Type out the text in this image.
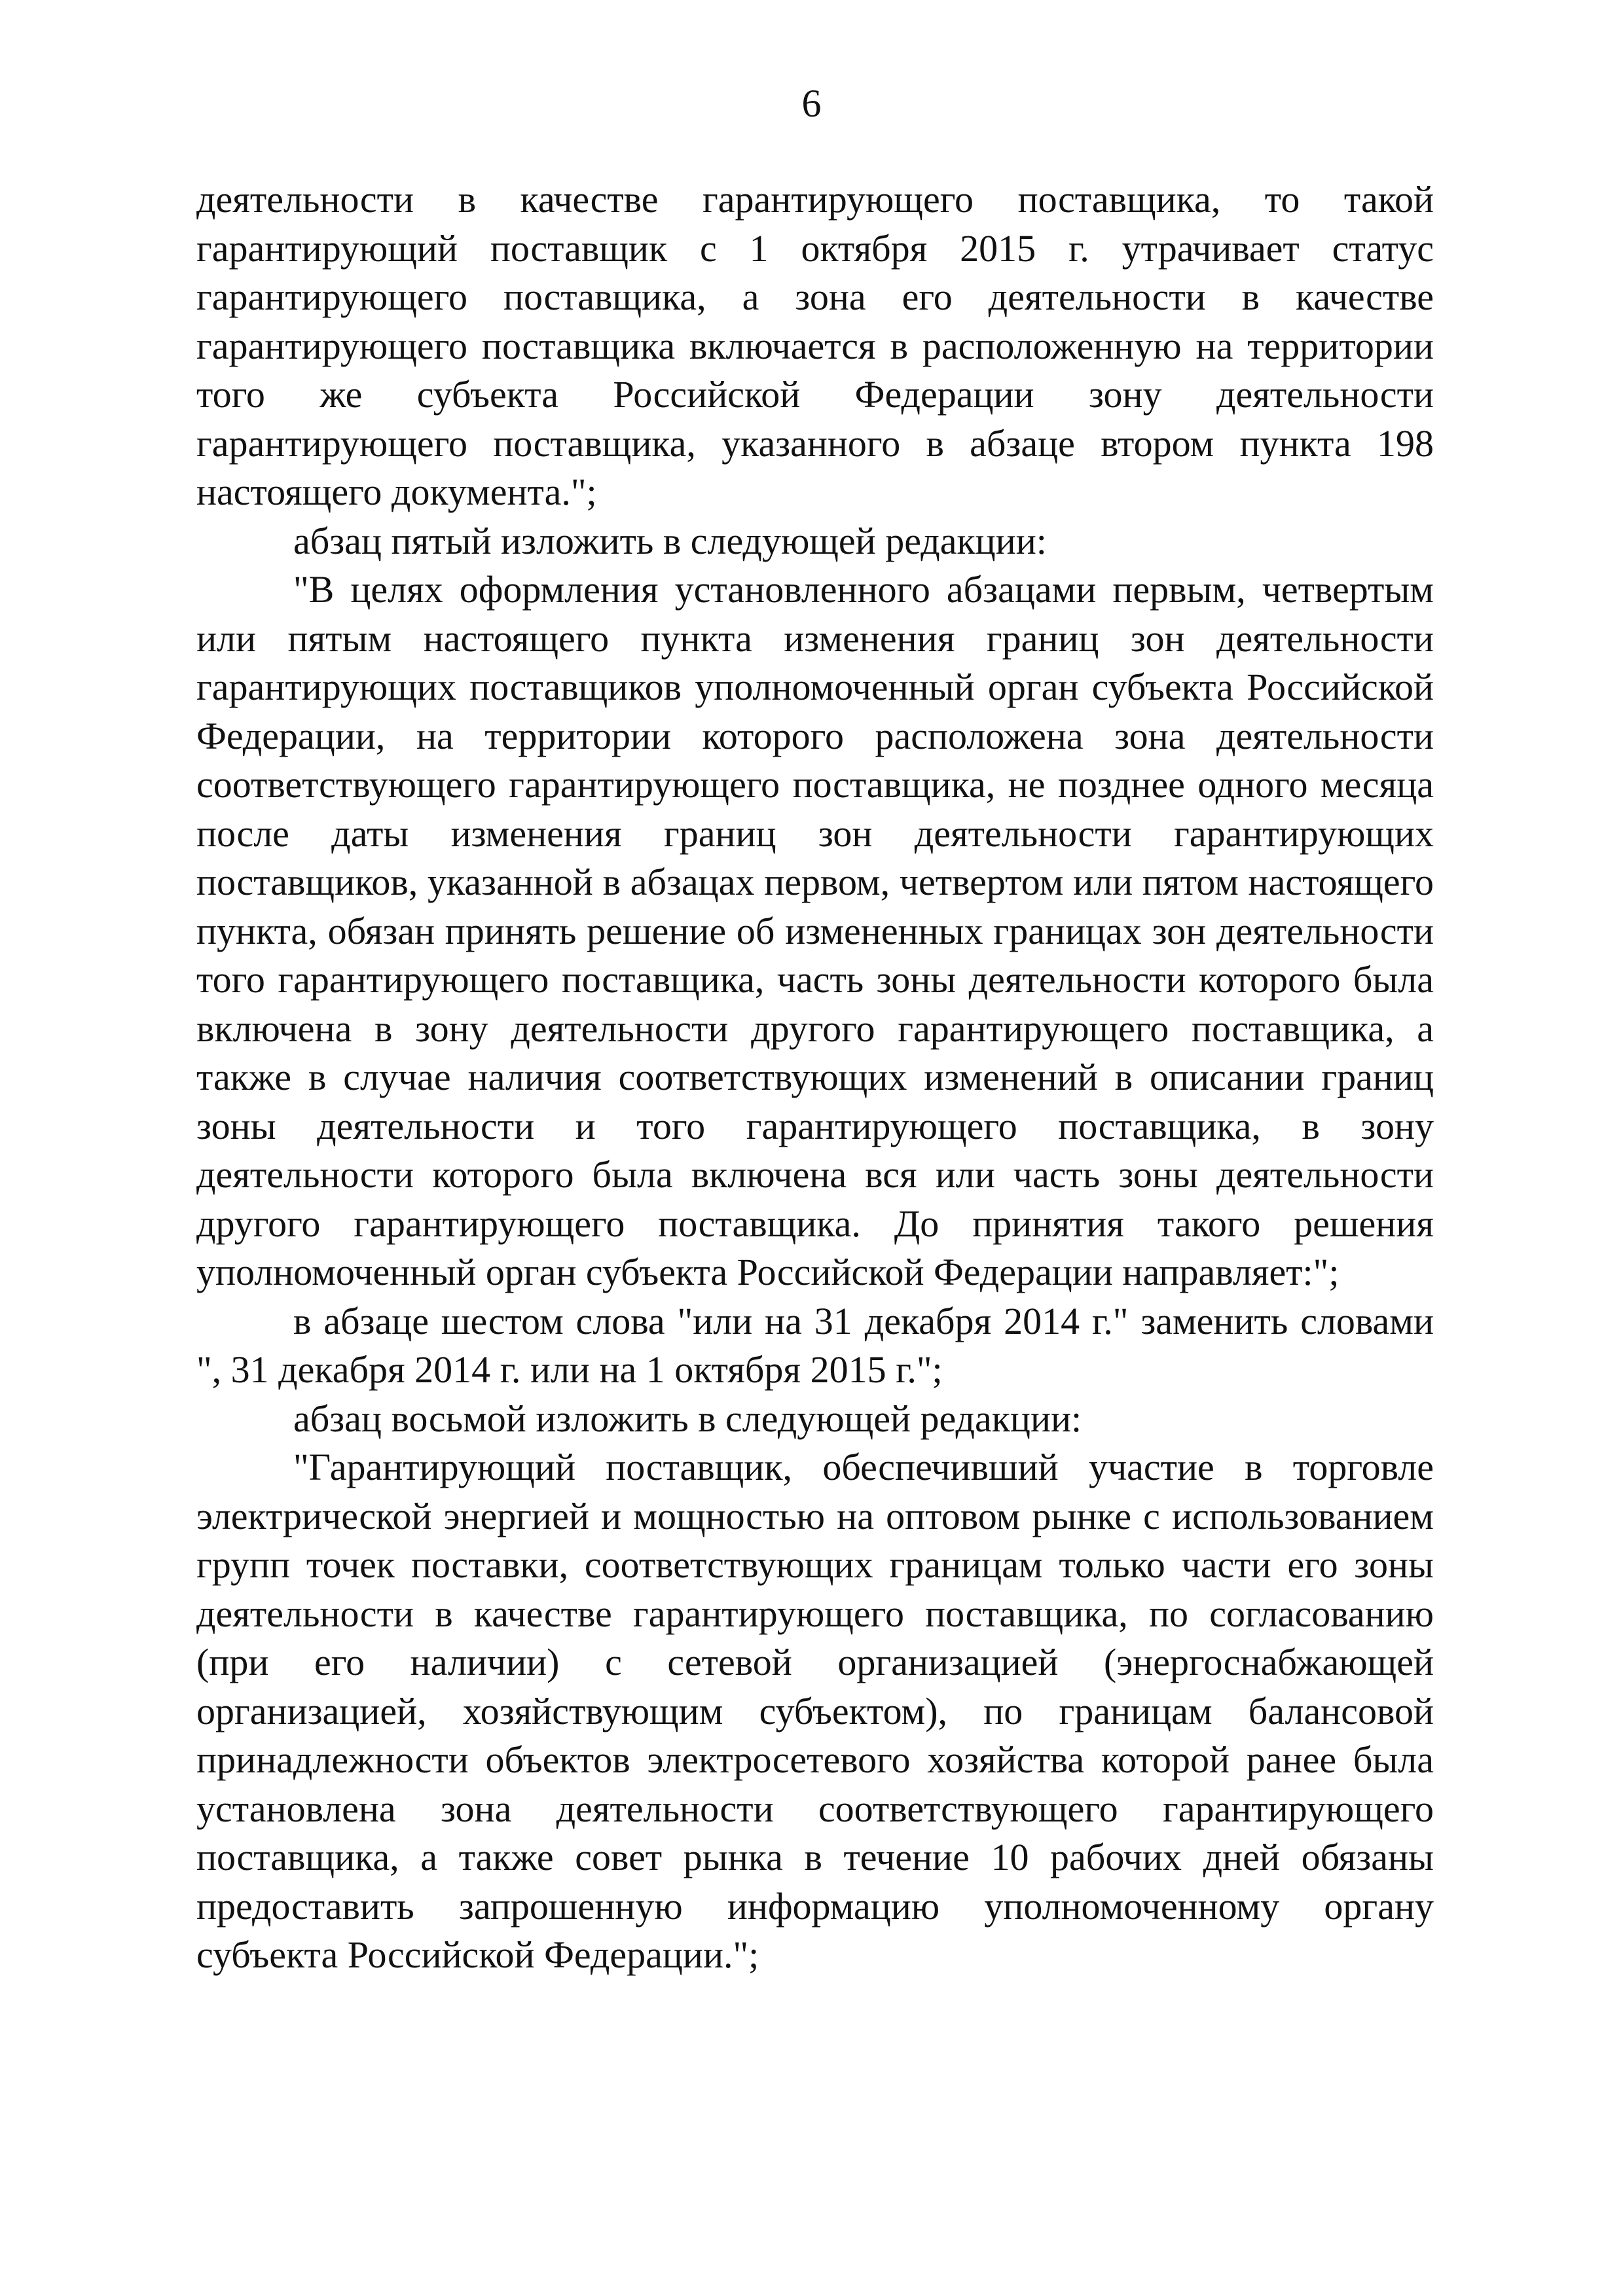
6

деятельности в качестве гарантирующего поставщика, то такой гарантирующий поставщик с 1 октября 2015 г. утрачивает статус гарантирующего поставщика, а зона его деятельности в качестве гарантирующего поставщика включается в расположенную на территории того же субъекта Российской Федерации зону деятельности гарантирующего поставщика, указанного в абзаце втором пункта 198 настоящего документа.";

абзац пятый изложить в следующей редакции:

"В целях оформления установленного абзацами первым, четвертым или пятым настоящего пункта изменения границ зон деятельности гарантирующих поставщиков уполномоченный орган субъекта Российской Федерации, на территории которого расположена зона деятельности соответствующего гарантирующего поставщика, не позднее одного месяца после даты изменения границ зон деятельности гарантирующих поставщиков, указанной в абзацах первом, четвертом или пятом настоящего пункта, обязан принять решение об измененных границах зон деятельности того гарантирующего поставщика, часть зоны деятельности которого была включена в зону деятельности другого гарантирующего поставщика, а также в случае наличия соответствующих изменений в описании границ зоны деятельности и того гарантирующего поставщика, в зону деятельности которого была включена вся или часть зоны деятельности другого гарантирующего поставщика. До принятия такого решения уполномоченный орган субъекта Российской Федерации направляет:";

в абзаце шестом слова "или на 31 декабря 2014 г." заменить словами ", 31 декабря 2014 г. или на 1 октября 2015 г.";

абзац восьмой изложить в следующей редакции:

"Гарантирующий поставщик, обеспечивший участие в торговле электрической энергией и мощностью на оптовом рынке с использованием групп точек поставки, соответствующих границам только части его зоны деятельности в качестве гарантирующего поставщика, по согласованию (при его наличии) с сетевой организацией (энергоснабжающей организацией, хозяйствующим субъектом), по границам балансовой принадлежности объектов электросетевого хозяйства которой ранее была установлена зона деятельности соответствующего гарантирующего поставщика, а также совет рынка в течение 10 рабочих дней обязаны предоставить запрошенную информацию уполномоченному органу субъекта Российской Федерации.";
